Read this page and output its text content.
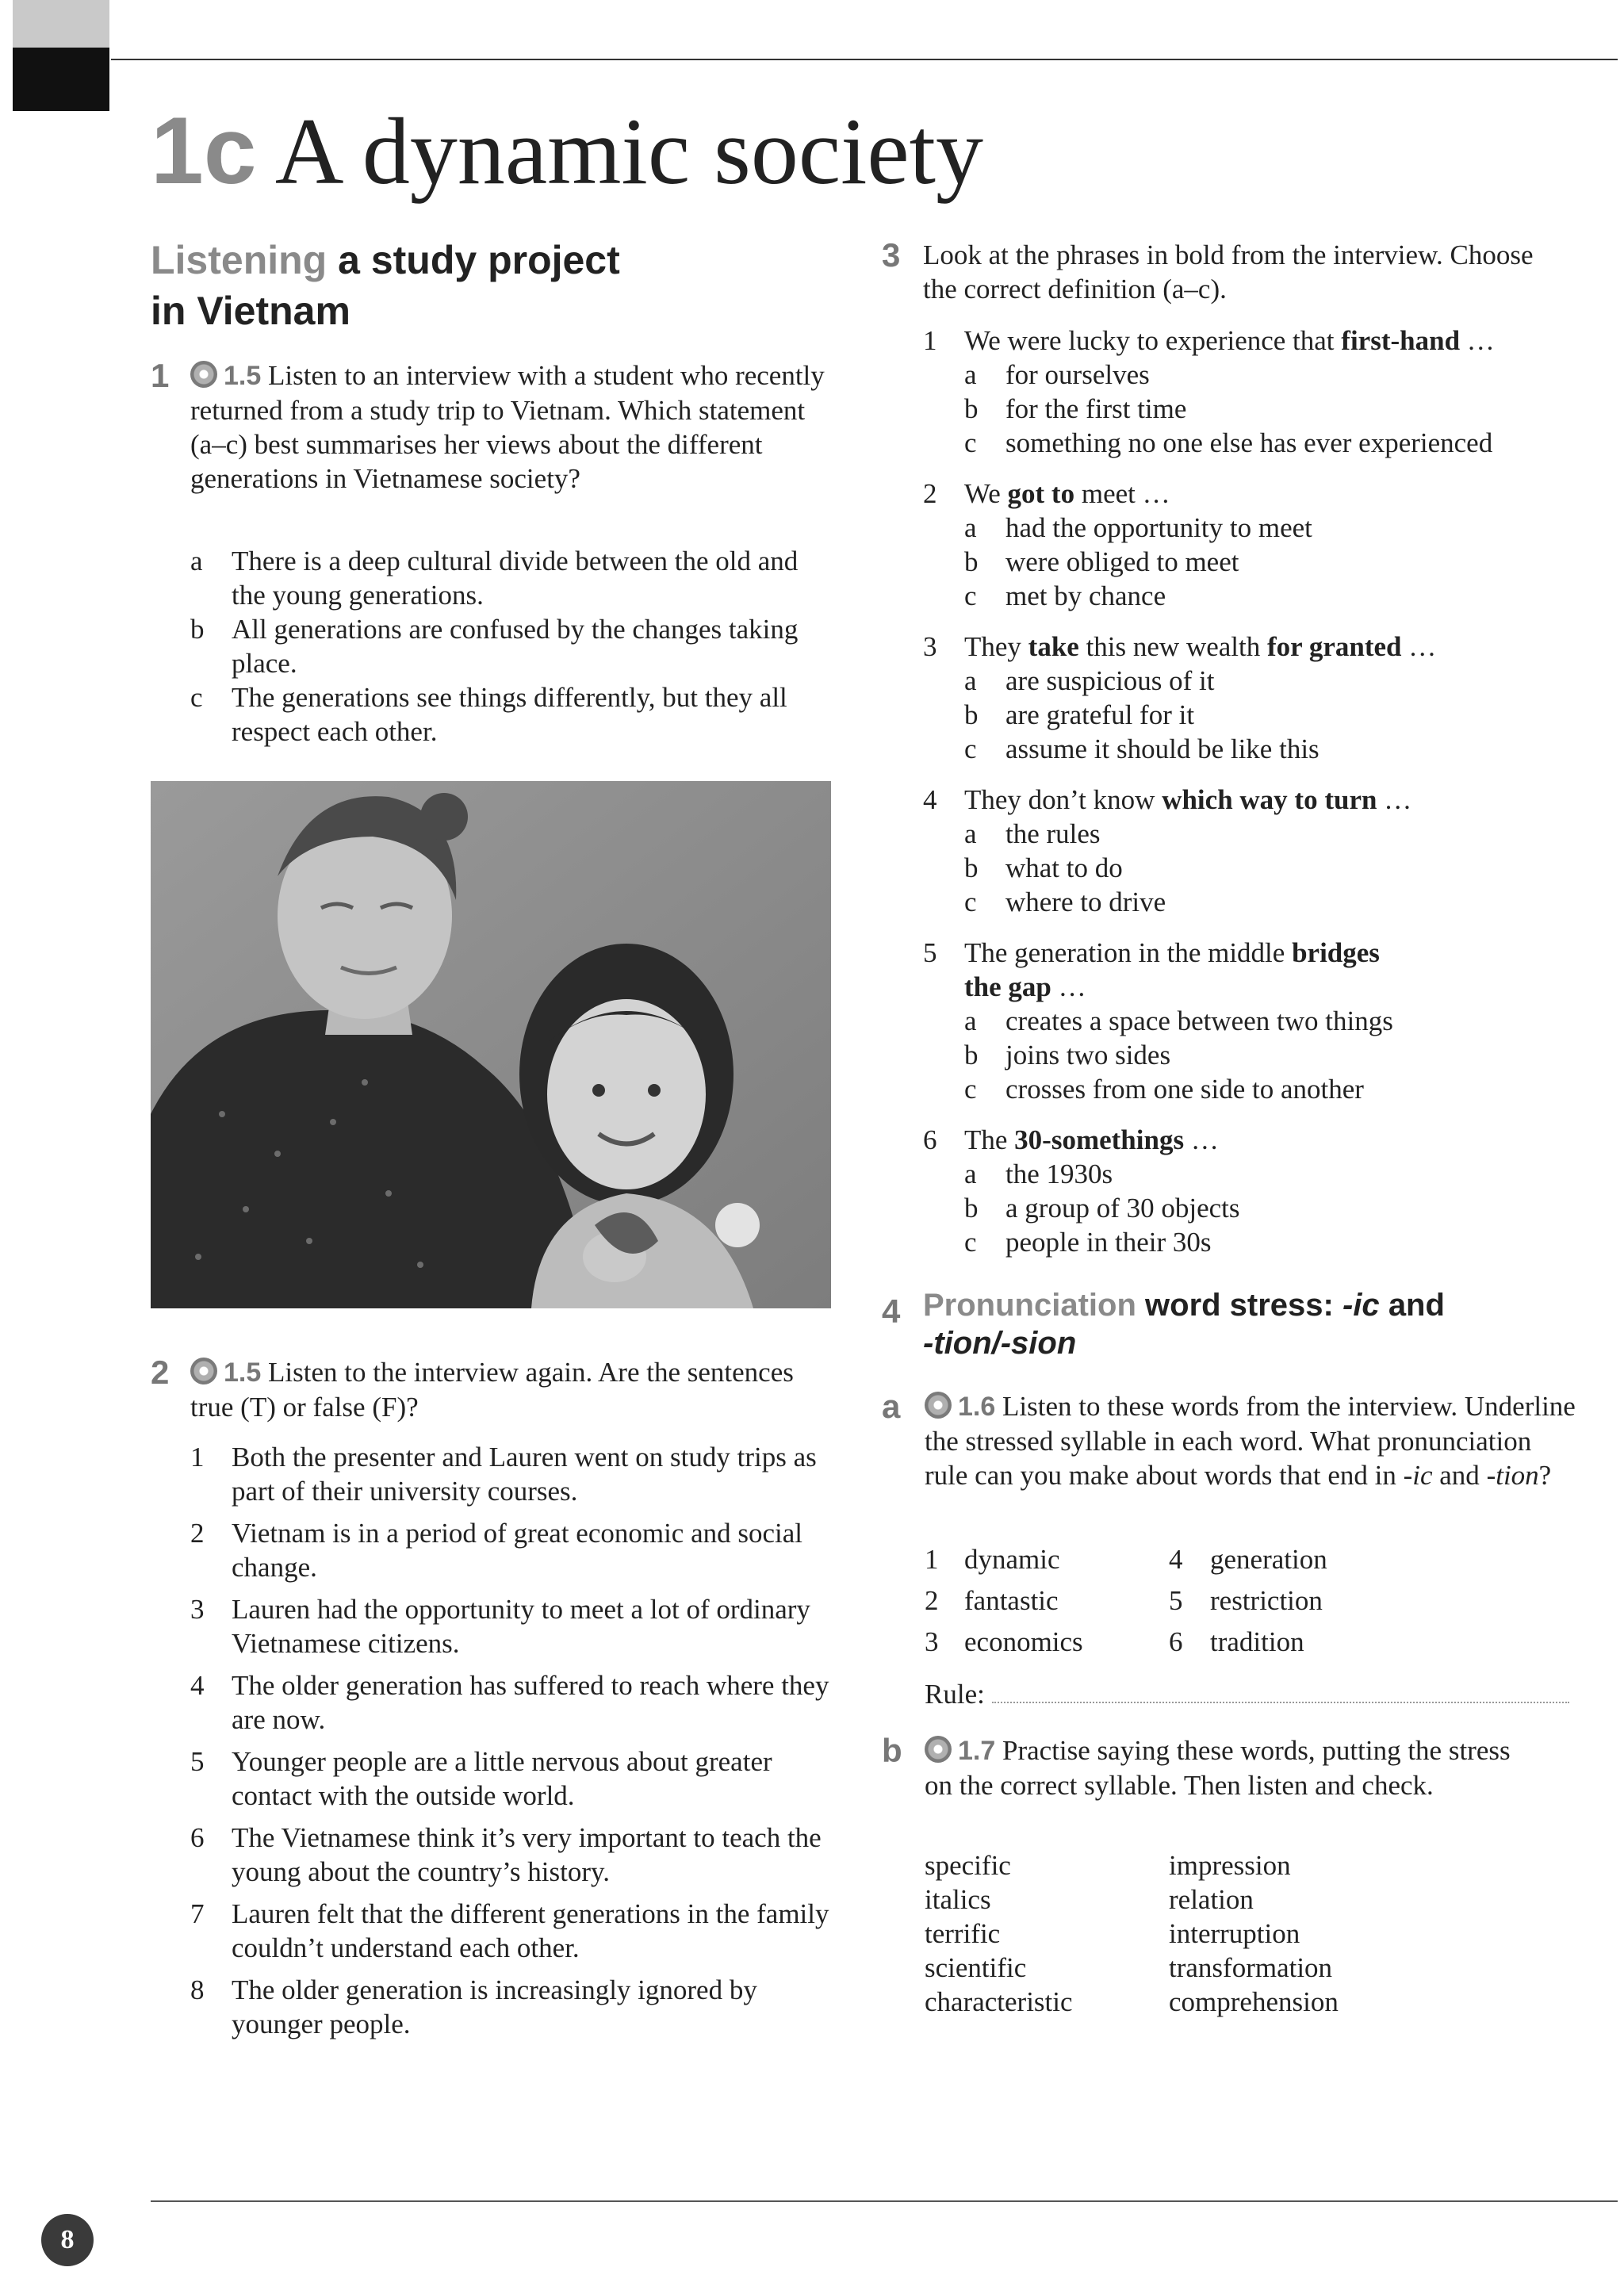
8
1c A dynamic society
Listening a study project
in Vietnam
1	1.5 Listen to an interview with a student who recently returned from a study trip to Vietnam. Which statement (a–c) best summarises her views about the different generations in Vietnamese society?
a There is a deep cultural divide between the old and the young generations.
b All generations are confused by the changes taking place.
c The generations see things differently, but they all respect each other.
2	1.5 Listen to the interview again. Are the sentences true (T) or false (F)?
1 Both the presenter and Lauren went on study trips as part of their university courses.
2 Vietnam is in a period of great economic and social change.
3 Lauren had the opportunity to meet a lot of ordinary Vietnamese citizens.
4 The older generation has suffered to reach where they are now.
5 Younger people are a little nervous about greater contact with the outside world.
6 The Vietnamese think it’s very important to teach the young about the country’s history.
7 Lauren felt that the different generations in the family couldn’t understand each other.
8 The older generation is increasingly ignored by younger people.
3 Look at the phrases in bold from the interview. Choose the correct definition (a–c).
1 We were lucky to experience that first-hand …
a for ourselves
b for the first time
c something no one else has ever experienced
2 We got to meet …
a had the opportunity to meet
b were obliged to meet
c met by chance
3 They take this new wealth for granted …
a are suspicious of it
b are grateful for it
c assume it should be like this
4 They don’t know which way to turn …
a the rules
b what to do
c where to drive
5 The generation in the middle bridges
the gap …
a creates a space between two things
b joins two sides
c crosses from one side to another
6 The 30-somethings …
a the 1930s
b a group of 30 objects
c people in their 30s
4 Pronunciation word stress: -ic and
-tion/-sion
a	1.6 Listen to these words from the interview. Underline the stressed syllable in each word. What pronunciation rule can you make about words that end in -ic and -tion?
1 dynamic
2 fantastic
3 economics
4 generation
5 restriction
6 tradition
Rule:
b	1.7 Practise saying these words, putting the stress on the correct syllable. Then listen and check.
specific
italics
terrific
scientific
characteristic
impression
relation
interruption
transformation
comprehension
